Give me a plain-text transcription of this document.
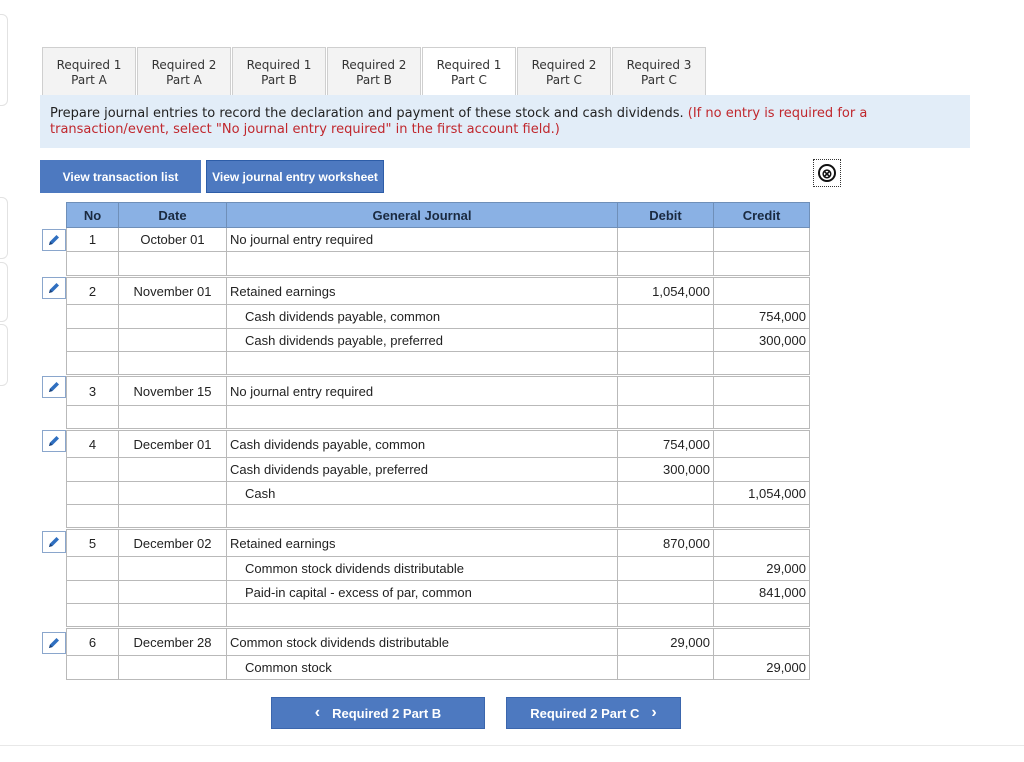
Required 1
Part A
Required 2
Part A
Required 1
Part B
Required 2
Part B
Required 1
Part C
Required 2
Part C
Required 3
Part C
Prepare journal entries to record the declaration and payment of these stock and cash dividends. (If no entry is required for a transaction/event, select "No journal entry required" in the first account field.)
View transaction list	View journal entry worksheet	⊗
No	Date	General Journal	Debit	Credit
1	October 01	No journal entry required		

2	November 01	Retained earnings	1,054,000	
		Cash dividends payable, common		754,000
		Cash dividends payable, preferred		300,000

3	November 15	No journal entry required		

4	December 01	Cash dividends payable, common	754,000	
		Cash dividends payable, preferred	300,000	
		Cash		1,054,000

5	December 02	Retained earnings	870,000	
		Common stock dividends distributable		29,000
		Paid-in capital - excess of par, common		841,000

6	December 28	Common stock dividends distributable	29,000	
		Common stock		29,000
‹ Required 2 Part B	Required 2 Part C ›
